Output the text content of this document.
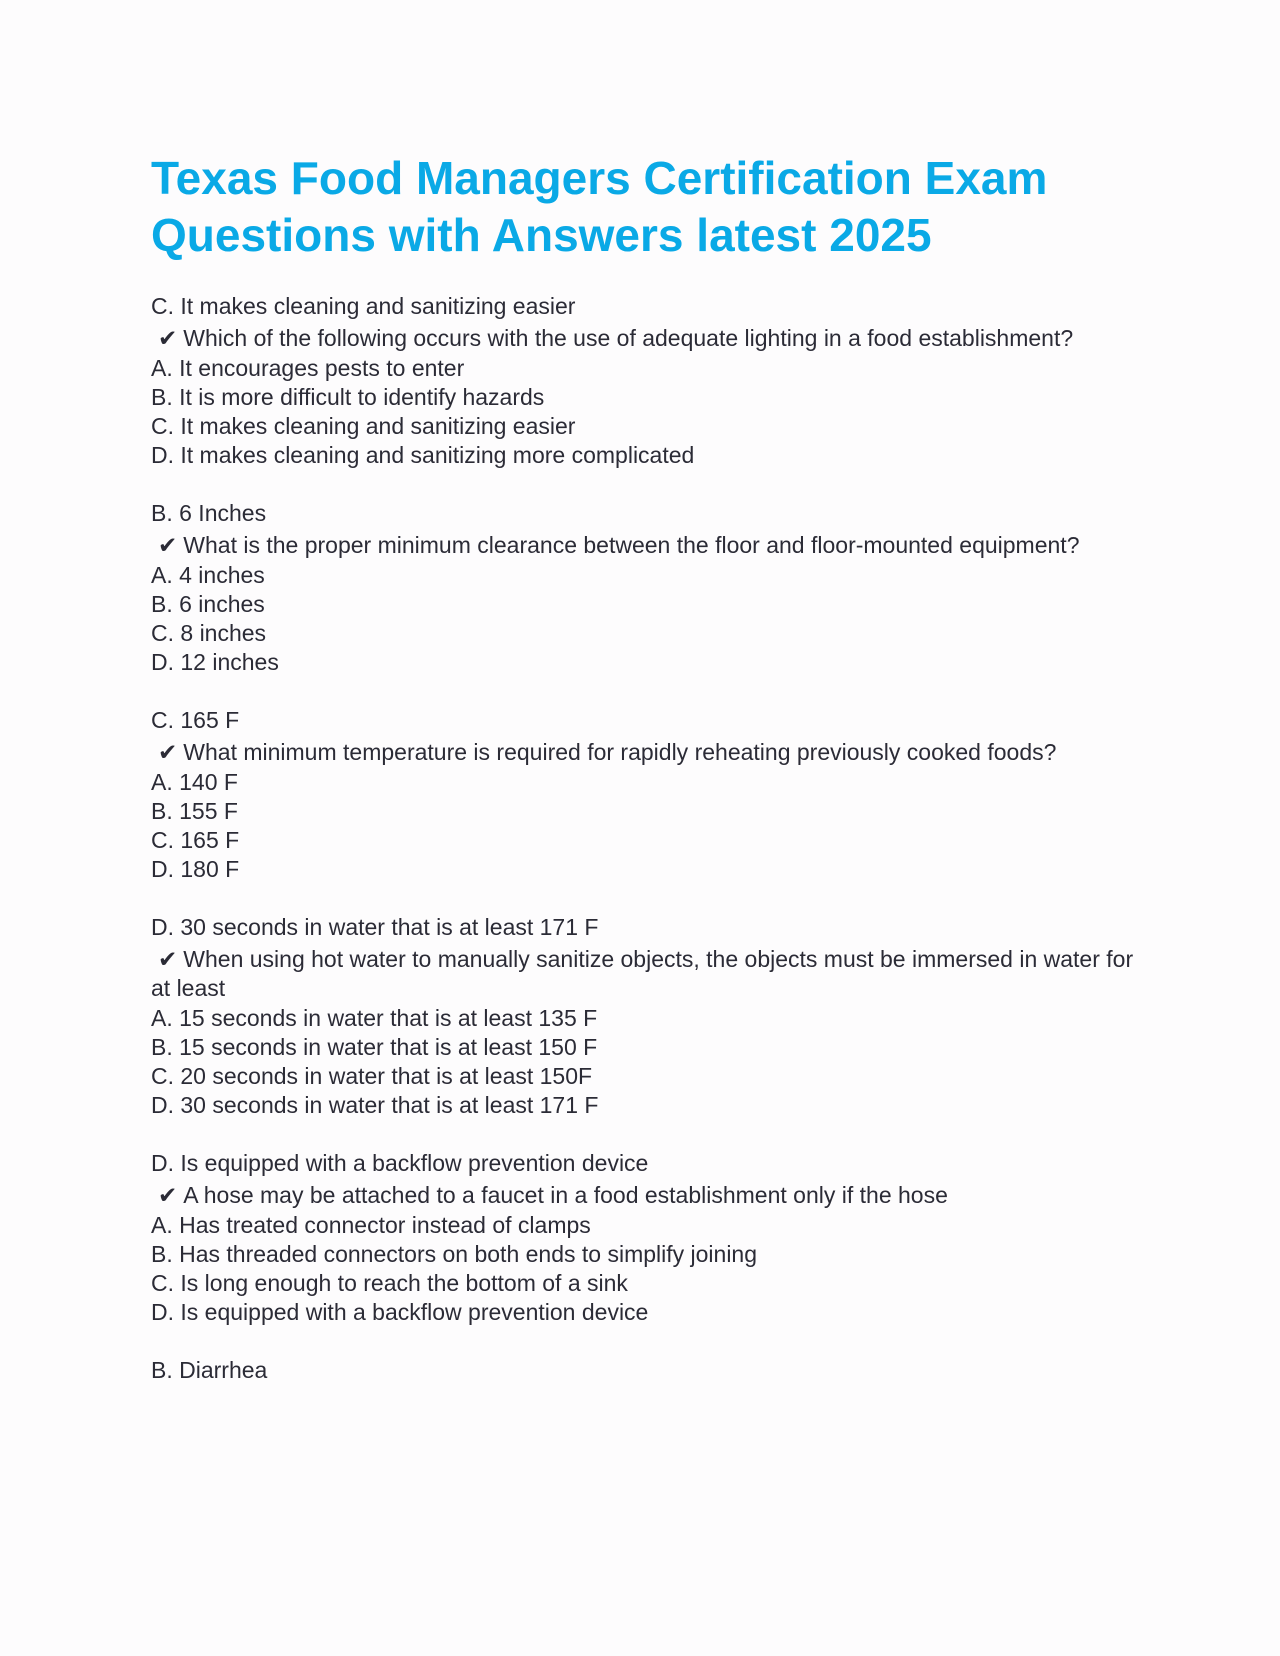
Texas Food Managers Certification Exam Questions with Answers latest 2025
C. It makes cleaning and sanitizing easier
✔ Which of the following occurs with the use of adequate lighting in a food establishment?
A. It encourages pests to enter
B. It is more difficult to identify hazards
C. It makes cleaning and sanitizing easier
D. It makes cleaning and sanitizing more complicated
B. 6 Inches
✔ What is the proper minimum clearance between the floor and floor-mounted equipment?
A. 4 inches
B. 6 inches
C. 8 inches
D. 12 inches
C. 165 F
✔ What minimum temperature is required for rapidly reheating previously cooked foods?
A. 140 F
B. 155 F
C. 165 F
D. 180 F
D. 30 seconds in water that is at least 171 F
✔ When using hot water to manually sanitize objects, the objects must be immersed in water for at least
A. 15 seconds in water that is at least 135 F
B. 15 seconds in water that is at least 150 F
C. 20 seconds in water that is at least 150F
D. 30 seconds in water that is at least 171 F
D. Is equipped with a backflow prevention device
✔ A hose may be attached to a faucet in a food establishment only if the hose
A. Has treated connector instead of clamps
B. Has threaded connectors on both ends to simplify joining
C. Is long enough to reach the bottom of a sink
D. Is equipped with a backflow prevention device
B. Diarrhea
